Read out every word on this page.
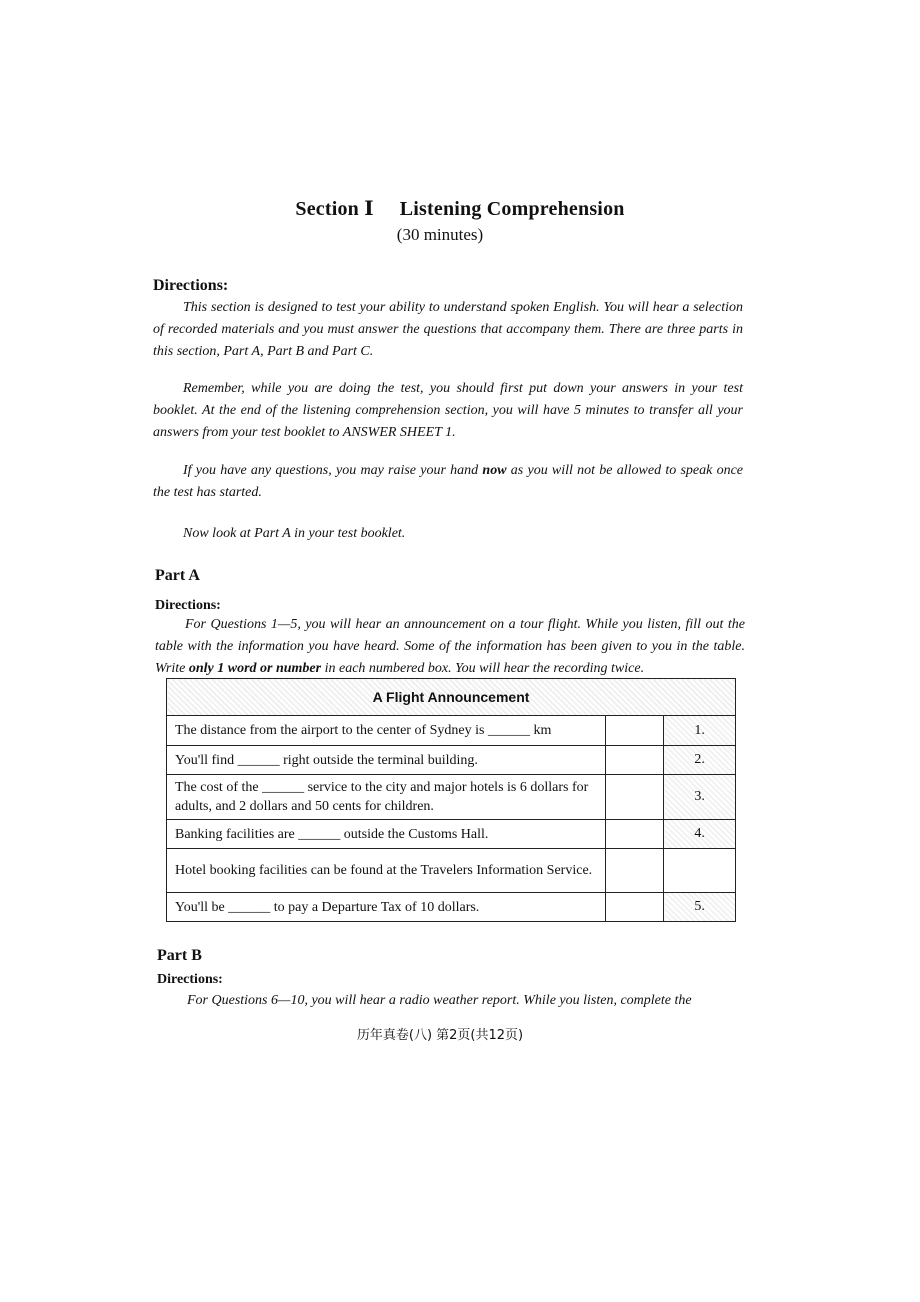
Section Ⅰ Listening Comprehension
(30 minutes)
Directions:
This section is designed to test your ability to understand spoken English. You will hear a selection of recorded materials and you must answer the questions that accompany them. There are three parts in this section, Part A, Part B and Part C.
Remember, while you are doing the test, you should first put down your answers in your test booklet. At the end of the listening comprehension section, you will have 5 minutes to transfer all your answers from your test booklet to ANSWER SHEET 1.
If you have any questions, you may raise your hand now as you will not be allowed to speak once the test has started.
Now look at Part A in your test booklet.
Part A
Directions:
For Questions 1—5, you will hear an announcement on a tour flight. While you listen, fill out the table with the information you have heard. Some of the information has been given to you in the table. Write only 1 word or number in each numbered box. You will hear the recording twice.
A Flight Announcement		
The distance from the airport to the center of Sydney is ______ km		1.
You'll find ______ right outside the terminal building.		2.
The cost of the ______ service to the city and major hotels is 6 dollars for adults, and 2 dollars and 50 cents for children.		3.
Banking facilities are ______ outside the Customs Hall.		4.
Hotel booking facilities can be found at the Travelers Information Service.		
You'll be ______ to pay a Departure Tax of 10 dollars.		5.
Part B
Directions:
For Questions 6—10, you will hear a radio weather report. While you listen, complete the
历年真卷(八) 第2页(共12页)
